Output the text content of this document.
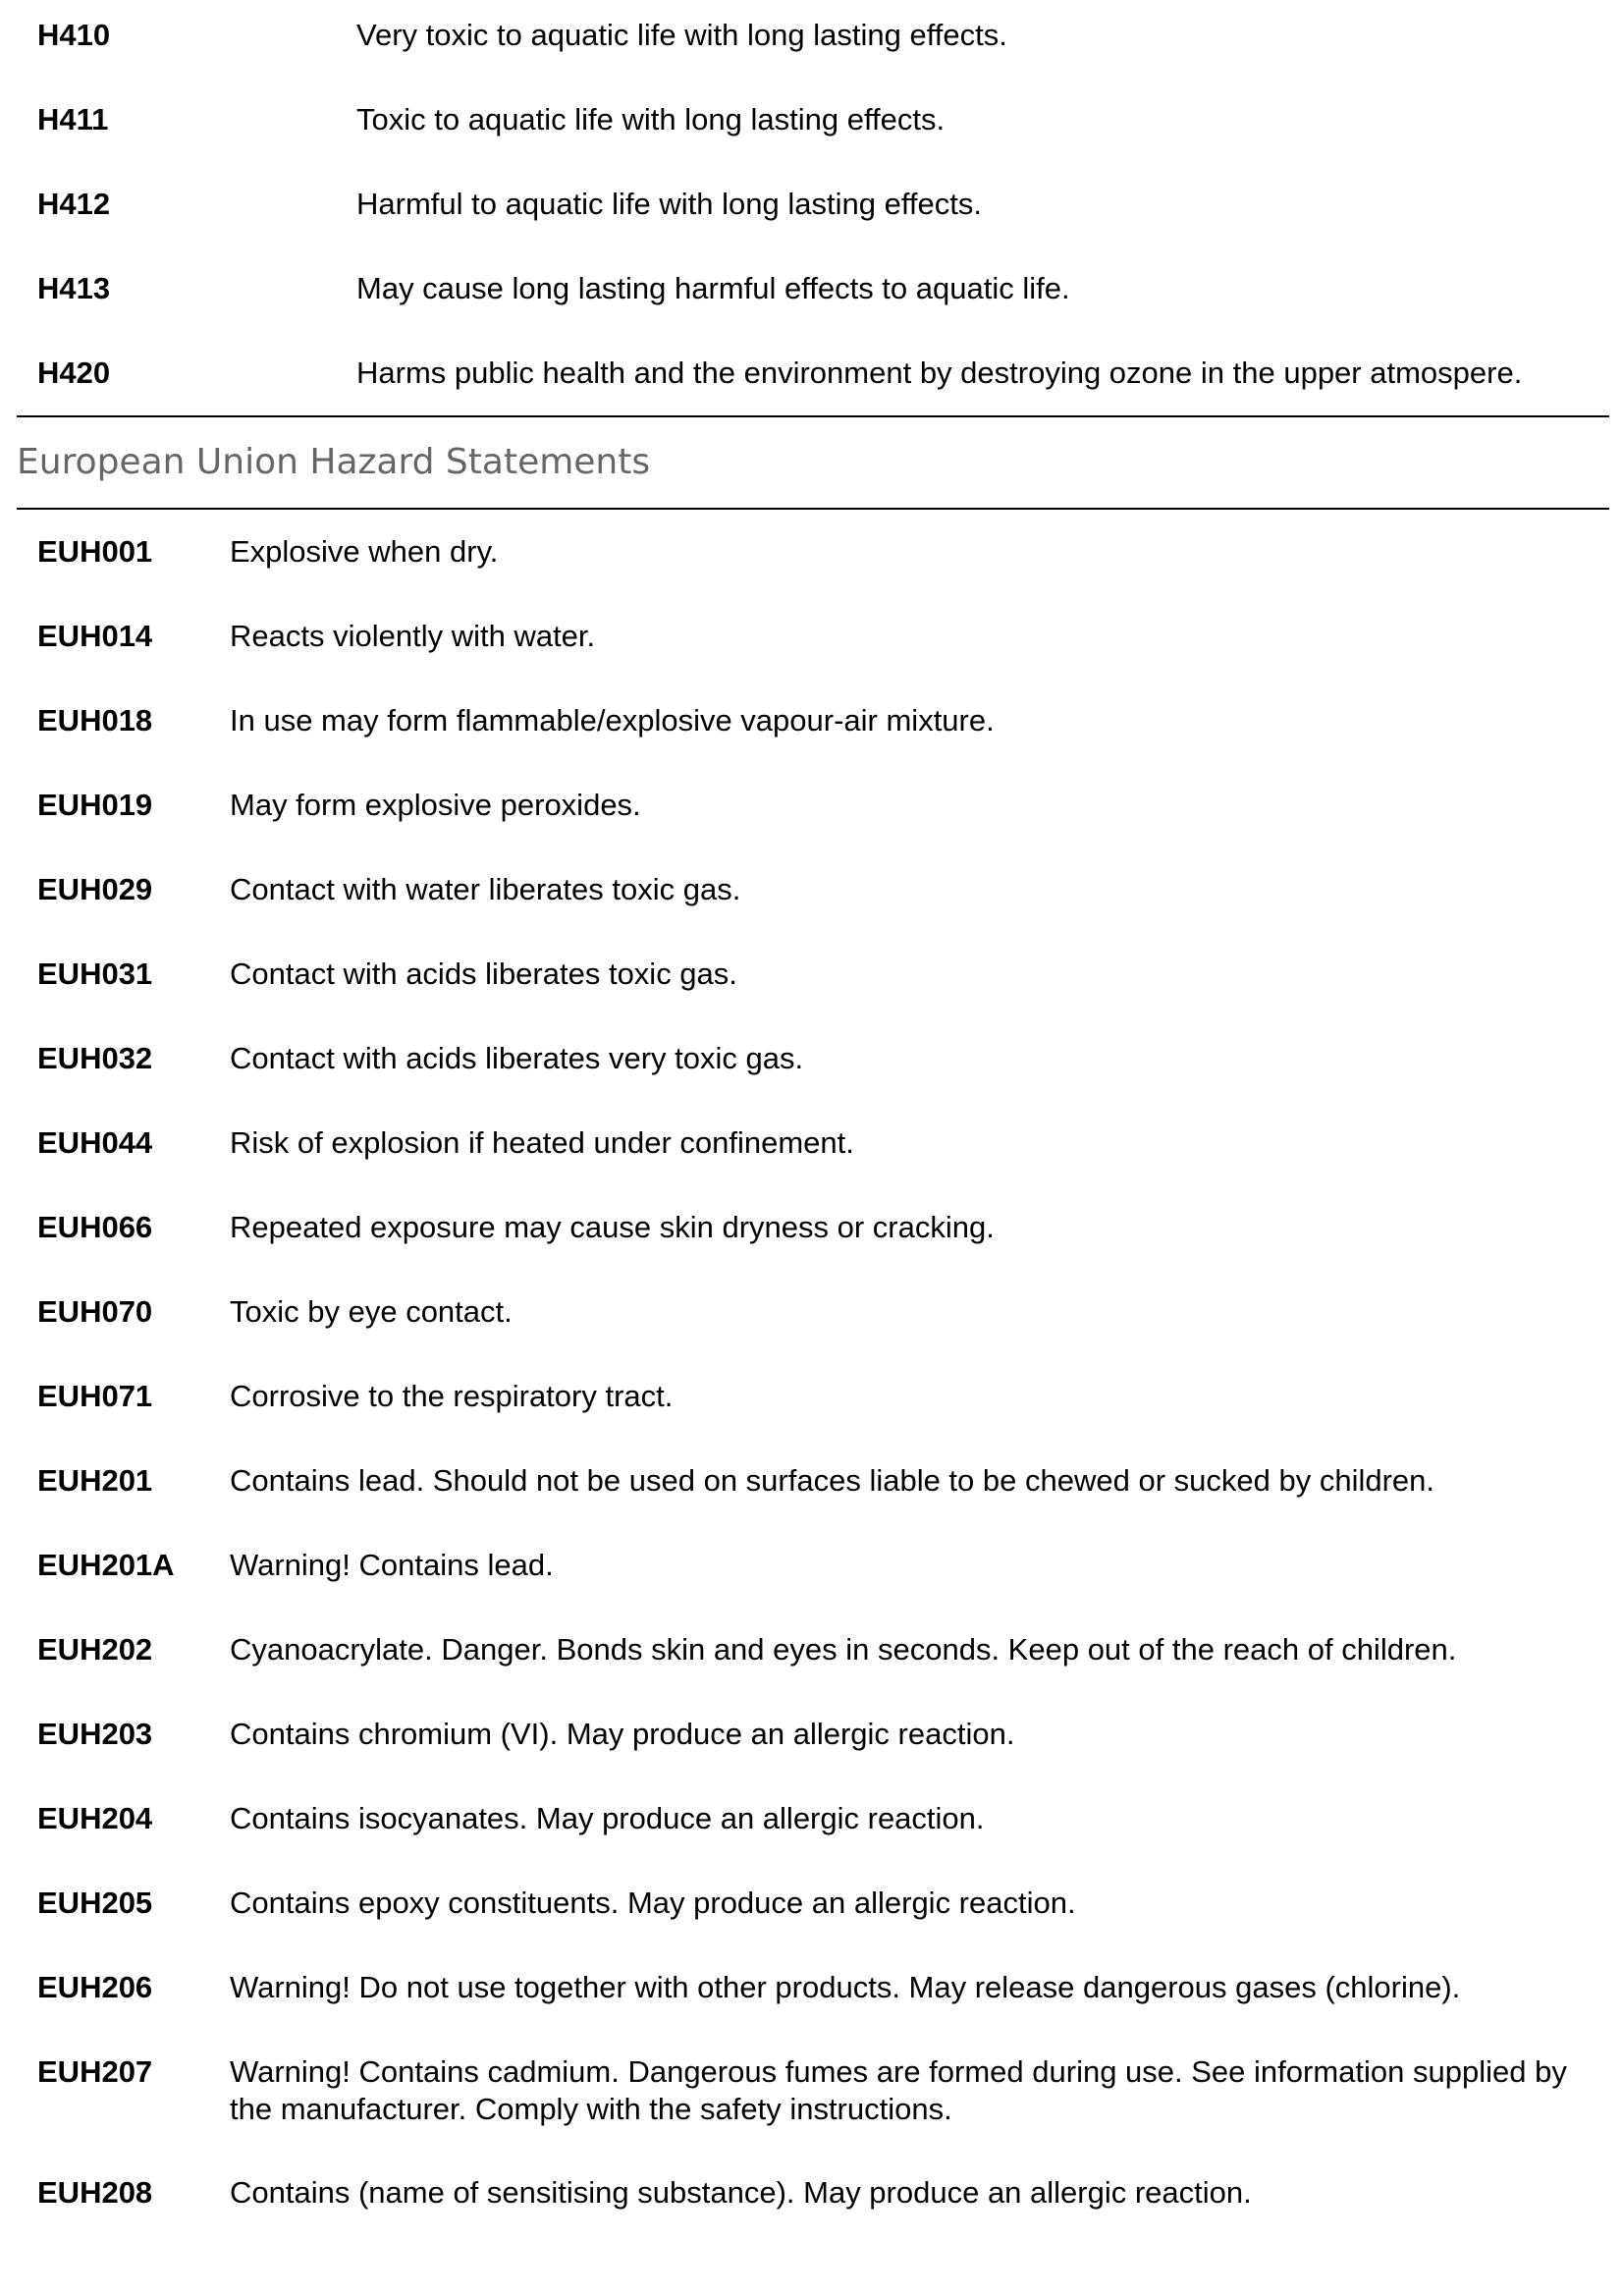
H410	Very toxic to aquatic life with long lasting effects.
H411	Toxic to aquatic life with long lasting effects.
H412	Harmful to aquatic life with long lasting effects.
H413	May cause long lasting harmful effects to aquatic life.
H420	Harms public health and the environment by destroying ozone in the upper atmospere.
European Union Hazard Statements
EUH001	Explosive when dry.
EUH014	Reacts violently with water.
EUH018	In use may form flammable/explosive vapour-air mixture.
EUH019	May form explosive peroxides.
EUH029	Contact with water liberates toxic gas.
EUH031	Contact with acids liberates toxic gas.
EUH032	Contact with acids liberates very toxic gas.
EUH044	Risk of explosion if heated under confinement.
EUH066	Repeated exposure may cause skin dryness or cracking.
EUH070	Toxic by eye contact.
EUH071	Corrosive to the respiratory tract.
EUH201	Contains lead. Should not be used on surfaces liable to be chewed or sucked by children.
EUH201A Warning! Contains lead.
EUH202	Cyanoacrylate. Danger. Bonds skin and eyes in seconds. Keep out of the reach of children.
EUH203	Contains chromium (VI). May produce an allergic reaction.
EUH204	Contains isocyanates. May produce an allergic reaction.
EUH205	Contains epoxy constituents. May produce an allergic reaction.
EUH206	Warning! Do not use together with other products. May release dangerous gases (chlorine).
EUH207	Warning! Contains cadmium. Dangerous fumes are formed during use. See information supplied by the manufacturer. Comply with the safety instructions.
EUH208	Contains (name of sensitising substance). May produce an allergic reaction.
